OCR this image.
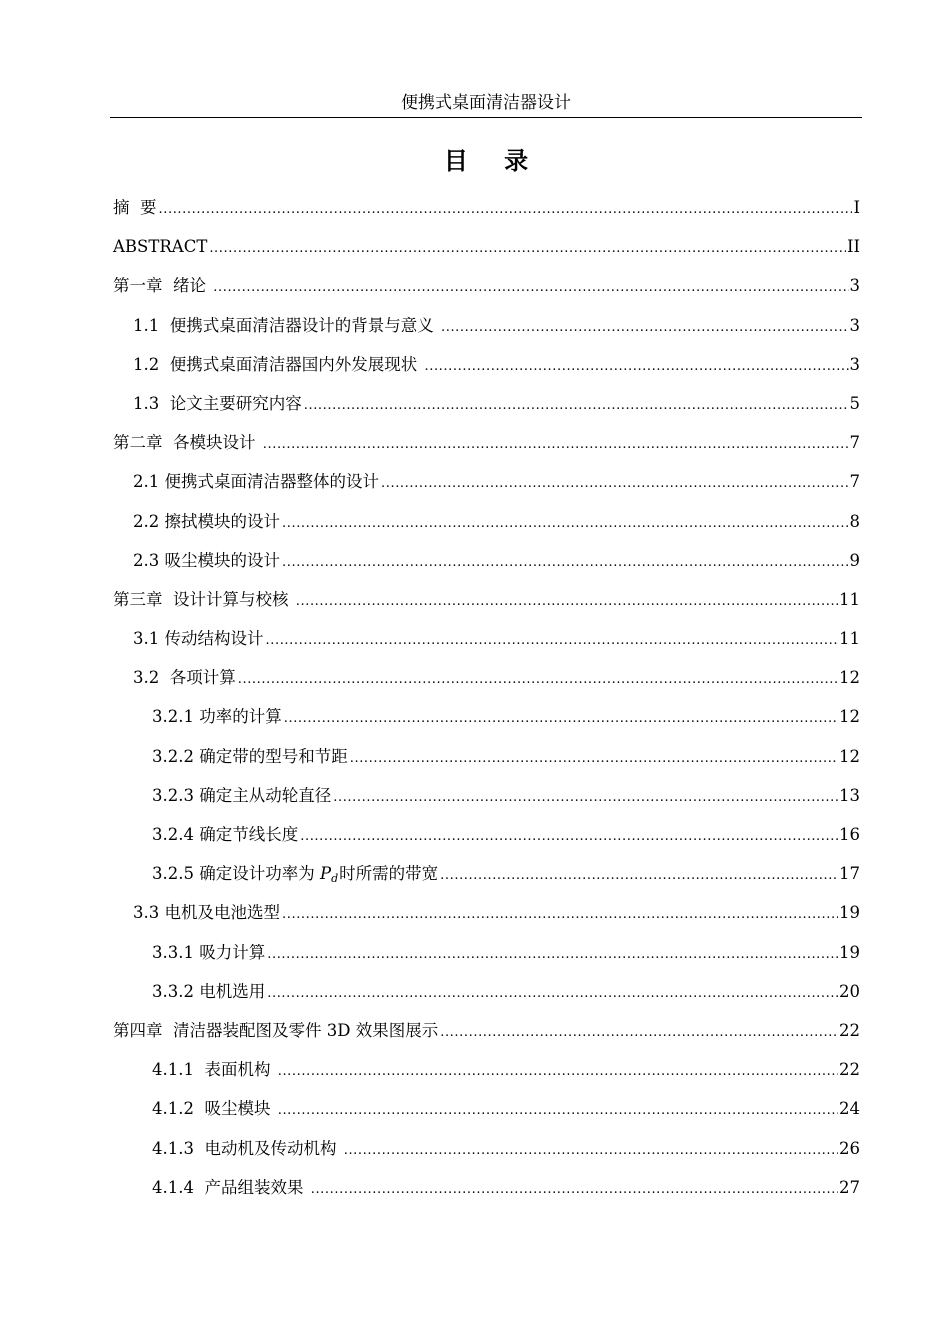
便携式桌面清洁器设计
目 录
摘  要 .....	I
ABSTRACT .....	II
第一章  绪论 .....	3
1.1  便携式桌面清洁器设计的背景与意义 .....	3
1.2  便携式桌面清洁器国内外发展现状 .....	3
1.3  论文主要研究内容 .....	5
第二章  各模块设计 .....	7
2.1 便携式桌面清洁器整体的设计 .....	7
2.2 擦拭模块的设计 .....	8
2.3 吸尘模块的设计 .....	9
第三章  设计计算与校核 .....	11
3.1 传动结构设计 .....	11
3.2  各项计算 .....	12
3.2.1 功率的计算 .....	12
3.2.2 确定带的型号和节距 .....	12
3.2.3 确定主从动轮直径 .....	13
3.2.4 确定节线长度 .....	16
3.2.5 确定设计功率为 $P_d$时所需的带宽 .....	17
3.3 电机及电池选型 .....	19
3.3.1 吸力计算 .....	19
3.3.2 电机选用 .....	20
第四章  清洁器装配图及零件 3D 效果图展示 .....	22
4.1.1  表面机构 .....	22
4.1.2  吸尘模块 .....	24
4.1.3  电动机及传动机构 .....	26
4.1.4  产品组装效果 .....	27
